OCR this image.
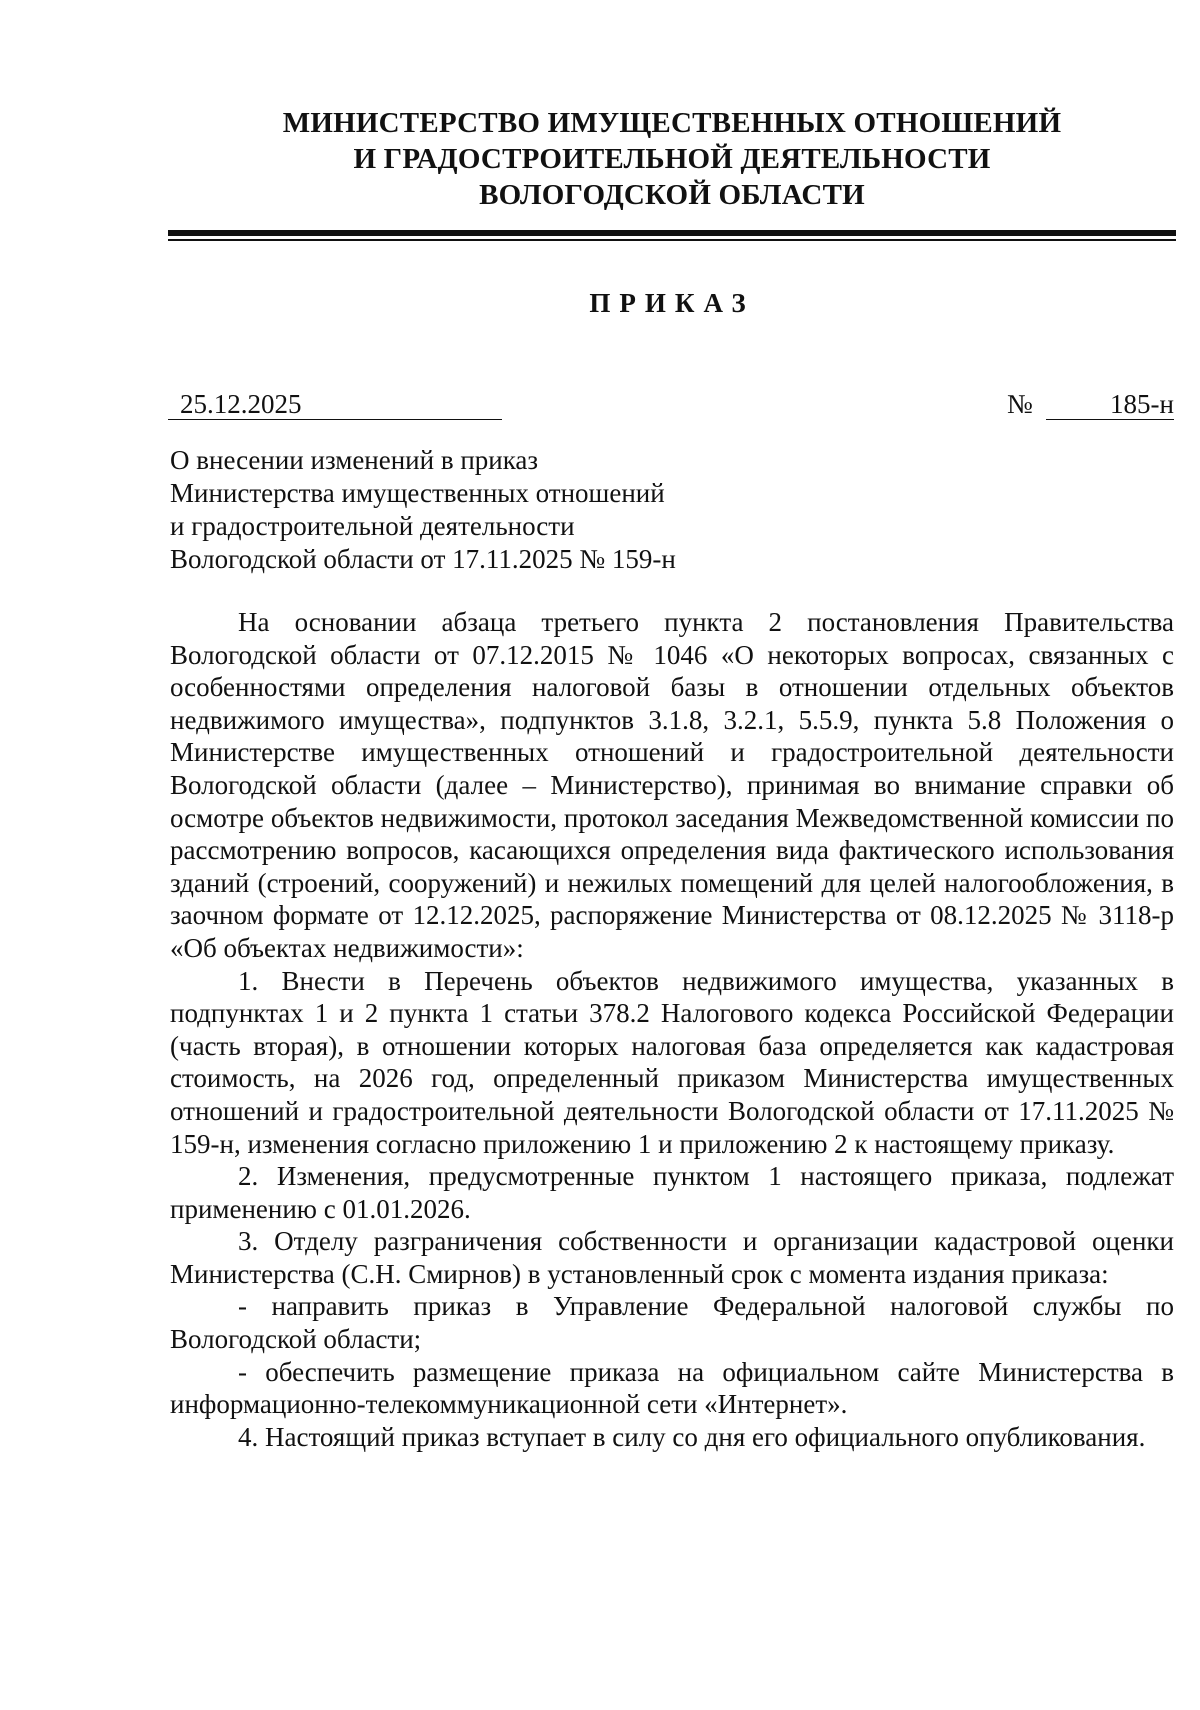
МИНИСТЕРСТВО ИМУЩЕСТВЕННЫХ ОТНОШЕНИЙ
И ГРАДОСТРОИТЕЛЬНОЙ ДЕЯТЕЛЬНОСТИ
ВОЛОГОДСКОЙ ОБЛАСТИ
ПРИКАЗ
25.12.2025	№	185-н
О внесении изменений в приказ
Министерства имущественных отношений
и градостроительной деятельности
Вологодской области от 17.11.2025 № 159-н

На основании абзаца третьего пункта 2 постановления Правительства Вологодской области от 07.12.2015 № 1046 «О некоторых вопросах, связанных с особенностями определения налоговой базы в отношении отдельных объектов недвижимого имущества», подпунктов 3.1.8, 3.2.1, 5.5.9, пункта 5.8 Положения о Министерстве имущественных отношений и градостроительной деятельности Вологодской области (далее – Министерство), принимая во внимание справки об осмотре объектов недвижимости, протокол заседания Межведомственной комиссии по рассмотрению вопросов, касающихся определения вида фактического использования зданий (строений, сооружений) и нежилых помещений для целей налогообложения, в заочном формате от 12.12.2025, распоряжение Министерства от 08.12.2025 № 3118-р «Об объектах недвижимости»:

1. Внести в Перечень объектов недвижимого имущества, указанных в подпунктах 1 и 2 пункта 1 статьи 378.2 Налогового кодекса Российской Федерации (часть вторая), в отношении которых налоговая база определяется как кадастровая стоимость, на 2026 год, определенный приказом Министерства имущественных отношений и градостроительной деятельности Вологодской области от 17.11.2025 № 159-н, изменения согласно приложению 1 и приложению 2 к настоящему приказу.

2. Изменения, предусмотренные пунктом 1 настоящего приказа, подлежат применению с 01.01.2026.

3. Отделу разграничения собственности и организации кадастровой оценки Министерства (С.Н. Смирнов) в установленный срок с момента издания приказа:

- направить приказ в Управление Федеральной налоговой службы по Вологодской области;

- обеспечить размещение приказа на официальном сайте Министерства в информационно-телекоммуникационной сети «Интернет».

4. Настоящий приказ вступает в силу со дня его официального опубликования.
